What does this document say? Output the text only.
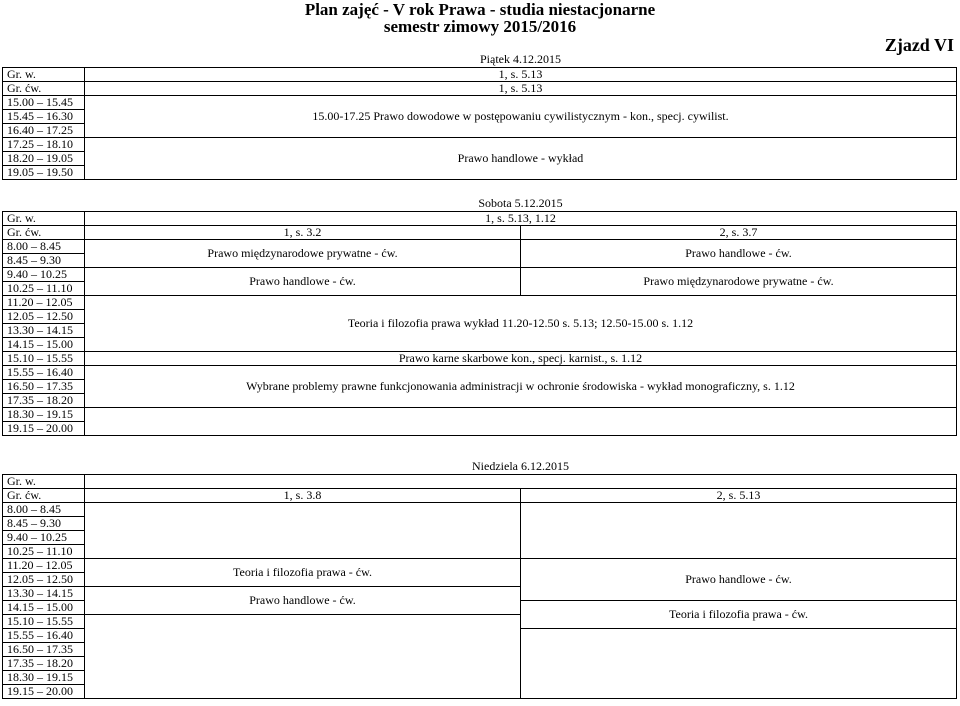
Plan zajęć - V rok Prawa - studia niestacjonarne
semestr zimowy 2015/2016
Zjazd VI
	Piątek 4.12.2015
Gr. w.	1, s. 5.13
Gr. ćw.	1, s. 5.13
15.00 – 15.45	15.00-17.25 Prawo dowodowe w postępowaniu cywilistycznym - kon., specj. cywilist.
15.45 – 16.30	
16.40 – 17.25	
17.25 – 18.10	Prawo handlowe - wykład
18.20 – 19.05	
19.05 – 19.50	
	Sobota 5.12.2015	
Gr. w.	1, s. 5.13, 1.12	
Gr. ćw.	1, s. 3.2	2, s. 3.7
8.00 – 8.45	Prawo międzynarodowe prywatne - ćw.	Prawo handlowe - ćw.
8.45 – 9.30		
9.40 – 10.25	Prawo handlowe - ćw.	Prawo międzynarodowe prywatne - ćw.
10.25 – 11.10		
11.20 – 12.05	Teoria i filozofia prawa wykład 11.20-12.50 s. 5.13; 12.50-15.00 s. 1.12	
12.05 – 12.50		
13.30 – 14.15		
14.15 – 15.00		
15.10 – 15.55	Prawo karne skarbowe kon., specj. karnist., s. 1.12	
15.55 – 16.40	Wybrane problemy prawne funkcjonowania administracji w ochronie środowiska - wykład monograficzny, s. 1.12	
16.50 – 17.35		
17.35 – 18.20		
18.30 – 19.15		
19.15 – 20.00		
	Niedziela 6.12.2015	
Gr. w.		
Gr. ćw.	1, s. 3.8	2, s. 5.13
8.00 – 8.45		
8.45 – 9.30		
9.40 – 10.25		
10.25 – 11.10		
11.20 – 12.05	Teoria i filozofia prawa - ćw.	Prawo handlowe - ćw.
12.05 – 12.50		
13.30 – 14.15	Prawo handlowe - ćw.	
14.15 – 15.00		Teoria i filozofia prawa - ćw.
15.10 – 15.55		
15.55 – 16.40		
16.50 – 17.35		
17.35 – 18.20		
18.30 – 19.15		
19.15 – 20.00		
